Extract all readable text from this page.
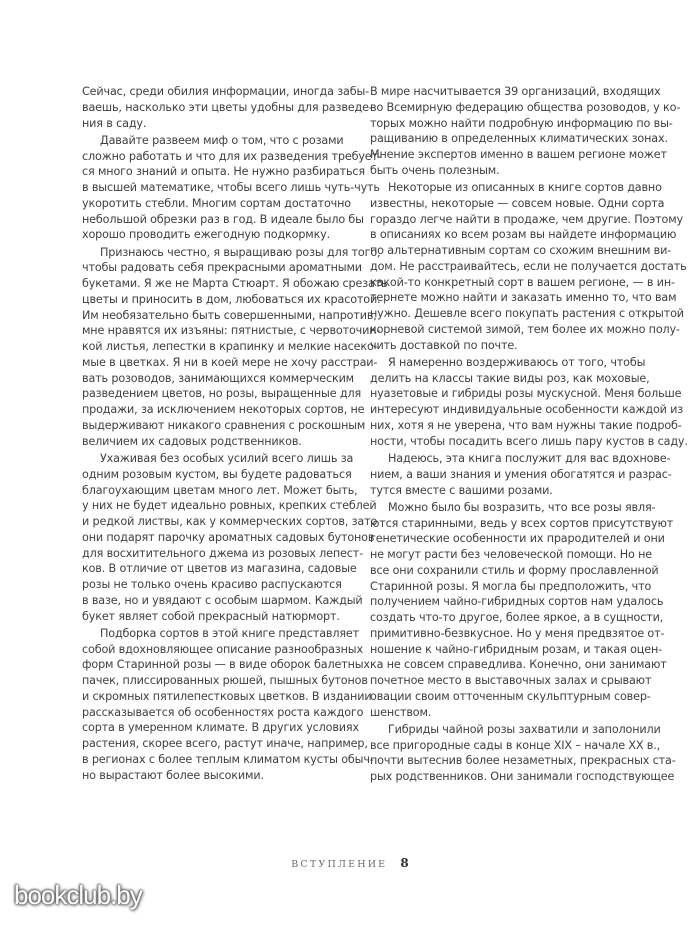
Сейчас, среди обилия информации, иногда забы-
ваешь, насколько эти цветы удобны для разведе-
ния в саду.
Давайте развеем миф о том, что с розами
сложно работать и что для их разведения требует-
ся много знаний и опыта. Не нужно разбираться
в высшей математике, чтобы всего лишь чуть-чуть
укоротить стебли. Многим сортам достаточно
небольшой обрезки раз в год. В идеале было бы
хорошо проводить ежегодную подкормку.
Признаюсь честно, я выращиваю розы для того,
чтобы радовать себя прекрасными ароматными
букетами. Я же не Марта Стюарт. Я обожаю срезать
цветы и приносить в дом, любоваться их красотой.
Им необязательно быть совершенными, напротив,
мне нравятся их изъяны: пятнистые, с червоточин-
кой листья, лепестки в крапинку и мелкие насеко-
мые в цветках. Я ни в коей мере не хочу расстраи-
вать розоводов, занимающихся коммерческим
разведением цветов, но розы, выращенные для
продажи, за исключением некоторых сортов, не
выдерживают никакого сравнения с роскошным
величием их садовых родственников.
Ухаживая без особых усилий всего лишь за
одним розовым кустом, вы будете радоваться
благоухающим цветам много лет. Может быть,
у них не будет идеально ровных, крепких стеблей
и редкой листвы, как у коммерческих сортов, зато
они подарят парочку ароматных садовых бутонов
для восхитительного джема из розовых лепест-
ков. В отличие от цветов из магазина, садовые
розы не только очень красиво распускаются
в вазе, но и увядают с особым шармом. Каждый
букет являет собой прекрасный натюрморт.
Подборка сортов в этой книге представляет
собой вдохновляющее описание разнообразных
форм Старинной розы — в виде оборок балетных
пачек, плиссированных рюшей, пышных бутонов
и скромных пятилепестковых цветков. В издании
рассказывается об особенностях роста каждого
сорта в умеренном климате. В других условиях
растения, скорее всего, растут иначе, например,
в регионах с более теплым климатом кусты обыч-
но вырастают более высокими.
В мире насчитывается 39 организаций, входящих
во Всемирную федерацию общества розоводов, у ко-
торых можно найти подробную информацию по вы-
ращиванию в определенных климатических зонах.
Мнение экспертов именно в вашем регионе может
быть очень полезным.
Некоторые из описанных в книге сортов давно
известны, некоторые — совсем новые. Одни сорта
гораздо легче найти в продаже, чем другие. Поэтому
в описаниях ко всем розам вы найдете информацию
по альтернативным сортам со схожим внешним ви-
дом. Не расстраивайтесь, если не получается достать
какой-то конкретный сорт в вашем регионе, — в ин-
тернете можно найти и заказать именно то, что вам
нужно. Дешевле всего покупать растения с открытой
корневой системой зимой, тем более их можно полу-
чить доставкой по почте.
Я намеренно воздерживаюсь от того, чтобы
делить на классы такие виды роз, как моховые,
нуазетовые и гибриды розы мускусной. Меня больше
интересуют индивидуальные особенности каждой из
них, хотя я не уверена, что вам нужны такие подроб-
ности, чтобы посадить всего лишь пару кустов в саду.
Надеюсь, эта книга послужит для вас вдохнове-
нием, а ваши знания и умения обогатятся и разрас-
тутся вместе с вашими розами.
Можно было бы возразить, что все розы явля-
ются старинными, ведь у всех сортов присутствуют
генетические особенности их прародителей и они
не могут расти без человеческой помощи. Но не
все они сохранили стиль и форму прославленной
Старинной розы. Я могла бы предположить, что
получением чайно-гибридных сортов нам удалось
создать что-то другое, более яркое, а в сущности,
примитивно-безвкусное. Но у меня предвзятое от-
ношение к чайно-гибридным розам, и такая оцен-
ка не совсем справедлива. Конечно, они занимают
почетное место в выставочных залах и срывают
овации своим отточенным скульптурным совер-
шенством.
Гибриды чайной розы захватили и заполонили
все пригородные сады в конце XIX – начале XX в.,
почти вытеснив более незаметных, прекрасных ста-
рых родственников. Они занимали господствующее
ВСТУПЛЕНИЕ 8
bookclub.by
